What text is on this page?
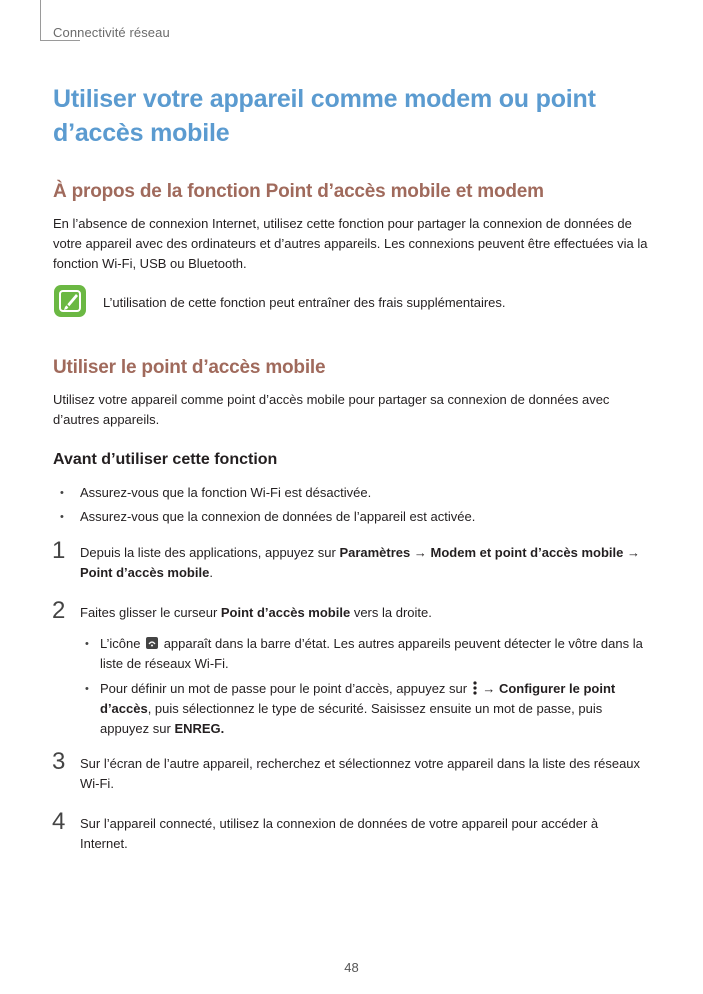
Connectivité réseau
Utiliser votre appareil comme modem ou point d’accès mobile
À propos de la fonction Point d’accès mobile et modem
En l’absence de connexion Internet, utilisez cette fonction pour partager la connexion de données de votre appareil avec des ordinateurs et d’autres appareils. Les connexions peuvent être effectuées via la fonction Wi-Fi, USB ou Bluetooth.
L’utilisation de cette fonction peut entraîner des frais supplémentaires.
Utiliser le point d’accès mobile
Utilisez votre appareil comme point d’accès mobile pour partager sa connexion de données avec d’autres appareils.
Avant d’utiliser cette fonction
• Assurez-vous que la fonction Wi-Fi est désactivée.
• Assurez-vous que la connexion de données de l’appareil est activée.
1 Depuis la liste des applications, appuyez sur Paramètres → Modem et point d’accès mobile → Point d’accès mobile.
2 Faites glisser le curseur Point d’accès mobile vers la droite.
• L’icône
apparaît dans la barre d’état. Les autres appareils peuvent détecter le vôtre dans la liste de réseaux Wi-Fi.
• Pour définir un mot de passe pour le point d’accès, appuyez sur  → Configurer le point d’accès, puis sélectionnez le type de sécurité. Saisissez ensuite un mot de passe, puis appuyez sur ENREG.
3 Sur l’écran de l’autre appareil, recherchez et sélectionnez votre appareil dans la liste des réseaux Wi-Fi.
4 Sur l’appareil connecté, utilisez la connexion de données de votre appareil pour accéder à Internet.
48
